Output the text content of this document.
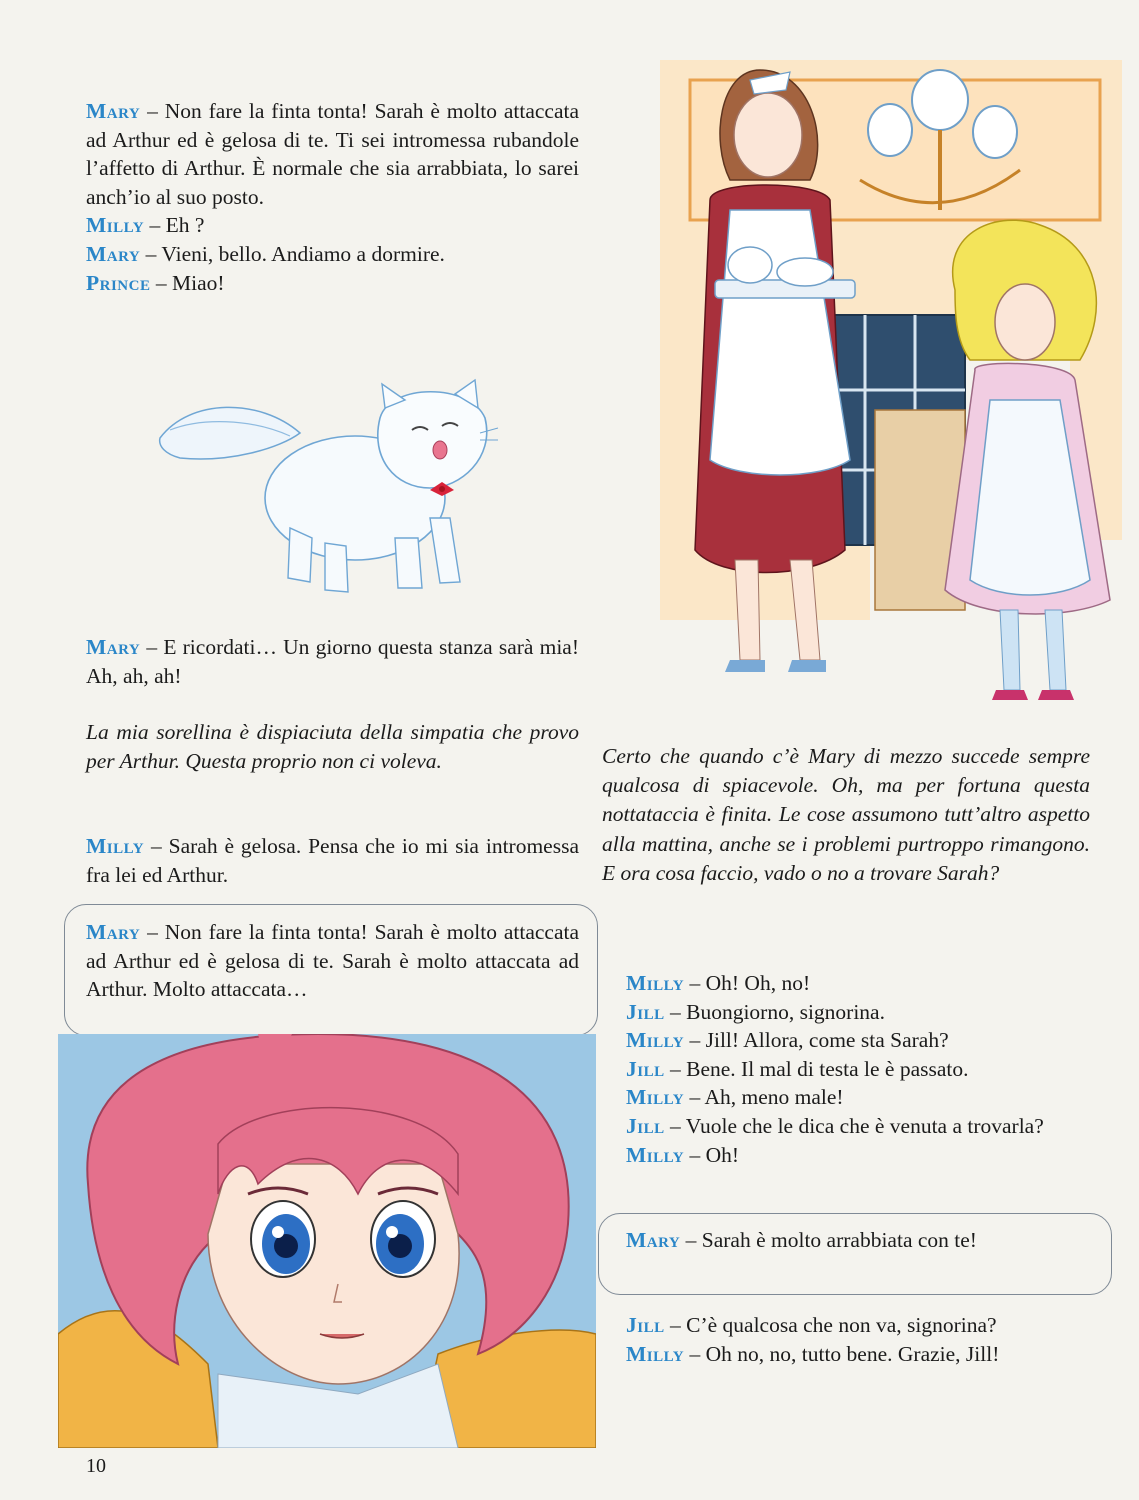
Mary – Non fare la finta tonta! Sarah è molto attaccata ad Arthur ed è gelosa di te. Ti sei intromessa rubandole l’affetto di Arthur. È normale che sia arrabbiata, lo sarei anch’io al suo posto.

Milly – Eh ?

Mary – Vieni, bello. Andiamo a dormire.

Prince – Miao!

Mary – E ricordati… Un giorno questa stanza sarà mia! Ah, ah, ah!

La mia sorellina è dispiaciuta della simpatia che provo per Arthur. Questa proprio non ci voleva.

Milly – Sarah è gelosa. Pensa che io mi sia intromessa fra lei ed Arthur.

Mary – Non fare la finta tonta! Sarah è molto attaccata ad Arthur ed è gelosa di te. Sarah è molto attaccata ad Arthur. Molto attaccata…

Certo che quando c’è Mary di mezzo succede sempre qualcosa di spiacevole. Oh, ma per fortuna questa nottataccia è finita. Le cose assumono tutt’altro aspetto alla mattina, anche se i problemi purtroppo rimangono. E ora cosa faccio, vado o no a trovare Sarah?

Milly – Oh! Oh, no!

Jill – Buongiorno, signorina.

Milly – Jill! Allora, come sta Sarah?

Jill – Bene. Il mal di testa le è passato.

Milly – Ah, meno male!

Jill – Vuole che le dica che è venuta a trovarla?

Milly – Oh!

Mary – Sarah è molto arrabbiata con te!

Jill – C’è qualcosa che non va, signorina?

Milly – Oh no, no, tutto bene. Grazie, Jill!

10
